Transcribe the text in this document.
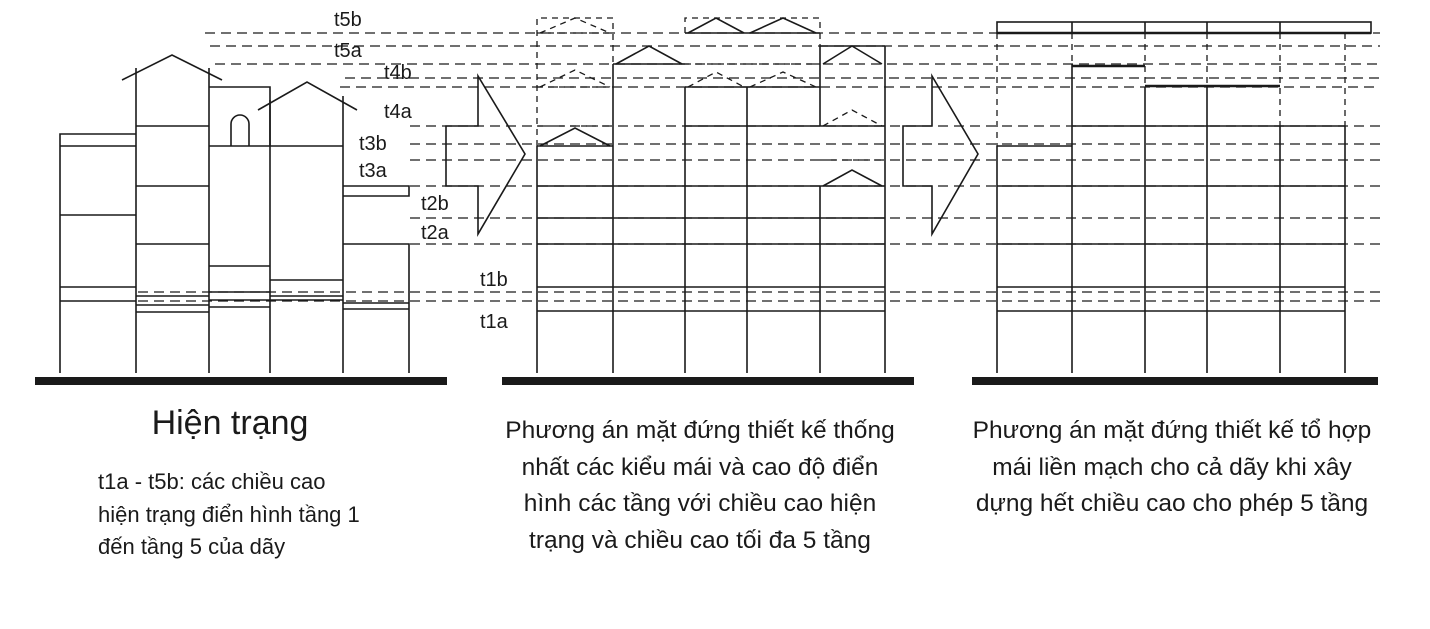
t5b
t5a
t4b
t4a
t3b
t3a
t2b
t2a
t1b
t1a
Hiện trạng
t1a - t5b: các chiều cao
hiện trạng điển hình tầng 1
đến tầng 5 của dãy
Phương án mặt đứng thiết kế thống
nhất các kiểu mái và cao độ điển
hình các tầng với chiều cao hiện
trạng và chiều cao tối đa 5 tầng
Phương án mặt đứng thiết kế tổ hợp
mái liền mạch cho cả dãy khi xây
dựng hết chiều cao cho phép 5 tầng
